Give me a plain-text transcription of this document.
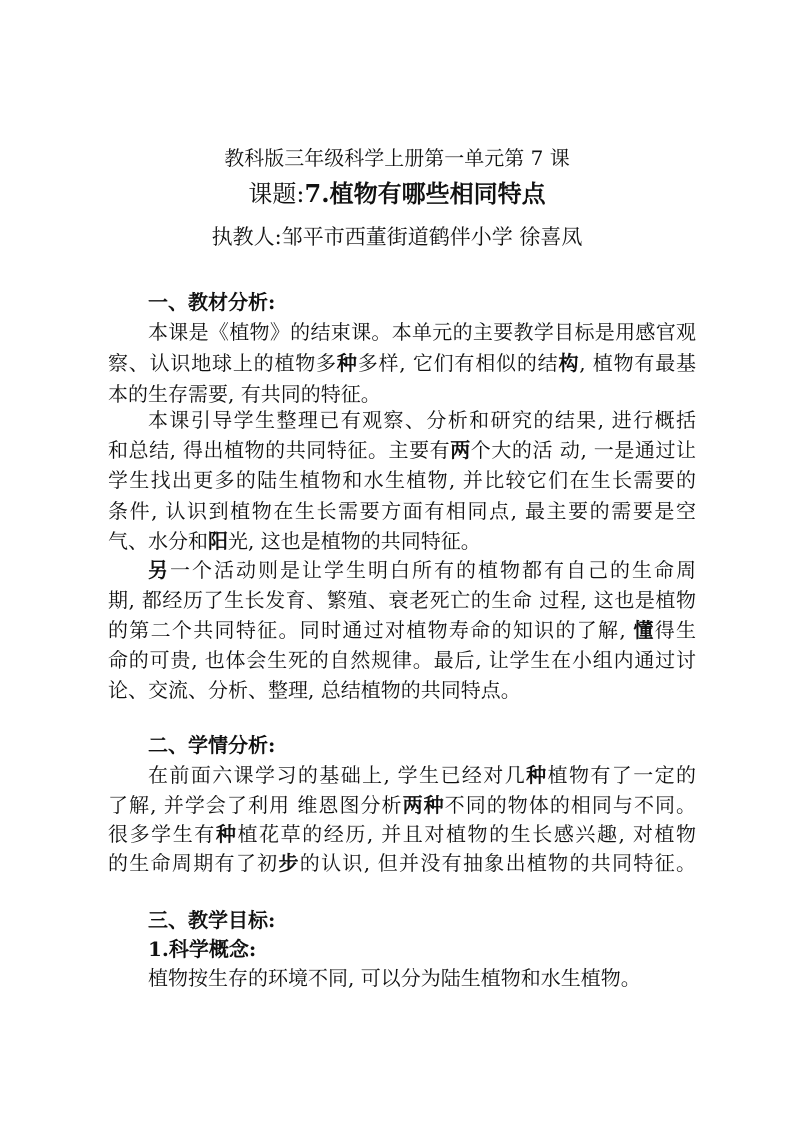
教科版三年级科学上册第一单元第 7 课
课题:7.植物有哪些相同特点
执教人:邹平市西董街道鹤伴小学 徐喜凤
一、教材分析:
本课是《植物》的结束课。本单元的主要教学目标是用感官观
察、认识地球上的植物多种多样, 它们有相似的结构, 植物有最基
本的生存需要, 有共同的特征。
本课引导学生整理已有观察、分析和研究的结果, 进行概括
和总结, 得出植物的共同特征。主要有两个大的活 动, 一是通过让
学生找出更多的陆生植物和水生植物, 并比较它们在生长需要的
条件, 认识到植物在生长需要方面有相同点, 最主要的需要是空
气、水分和阳光, 这也是植物的共同特征。
另一个活动则是让学生明白所有的植物都有自己的生命周
期, 都经历了生长发育、繁殖、衰老死亡的生命 过程, 这也是植物
的第二个共同特征。同时通过对植物寿命的知识的了解, 懂得生
命的可贵, 也体会生死的自然规律。最后, 让学生在小组内通过讨
论、交流、分析、整理, 总结植物的共同特点。
二、学情分析:
在前面六课学习的基础上, 学生已经对几种植物有了一定的
了解, 并学会了利用 维恩图分析两种不同的物体的相同与不同。
很多学生有种植花草的经历, 并且对植物的生长感兴趣, 对植物
的生命周期有了初步的认识, 但并没有抽象出植物的共同特征。
三、教学目标:
1.科学概念:
植物按生存的环境不同, 可以分为陆生植物和水生植物。
